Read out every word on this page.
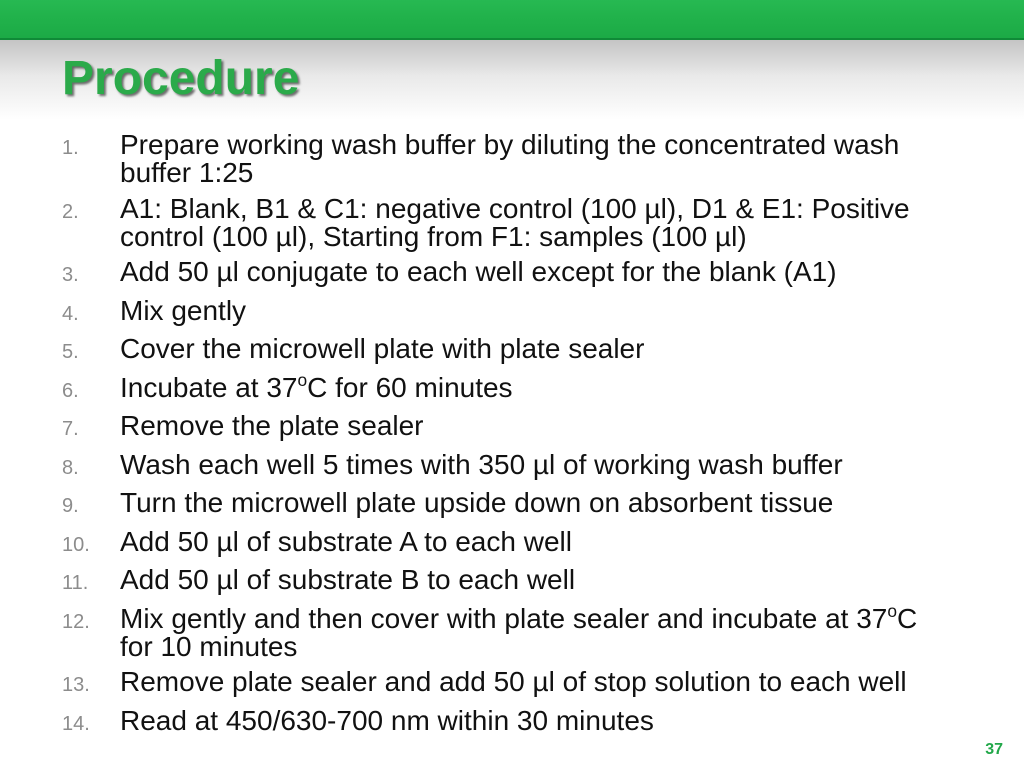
Procedure
1.	Prepare working wash buffer by diluting the concentrated wash buffer 1:25
2.	A1: Blank, B1 & C1: negative control (100 µl), D1 & E1: Positive control (100 µl), Starting from F1: samples (100 µl)
3.	Add 50 µl conjugate to each well except for the blank (A1)
4.	Mix gently
5.	Cover the microwell plate with plate sealer
6.	Incubate at 37$^o$C for 60 minutes
7.	Remove the plate sealer
8.	Wash each well 5 times with 350 µl of working wash buffer
9.	Turn the microwell plate upside down on absorbent tissue
10.	Add 50 µl of substrate A to each well
11.	Add 50 µl of substrate B to each well
12.	Mix gently and then cover with plate sealer and incubate at 37$^o$C for 10 minutes
13.	Remove plate sealer and add 50 µl of stop solution to each well
14.	Read at 450/630-700 nm within 30 minutes
37
